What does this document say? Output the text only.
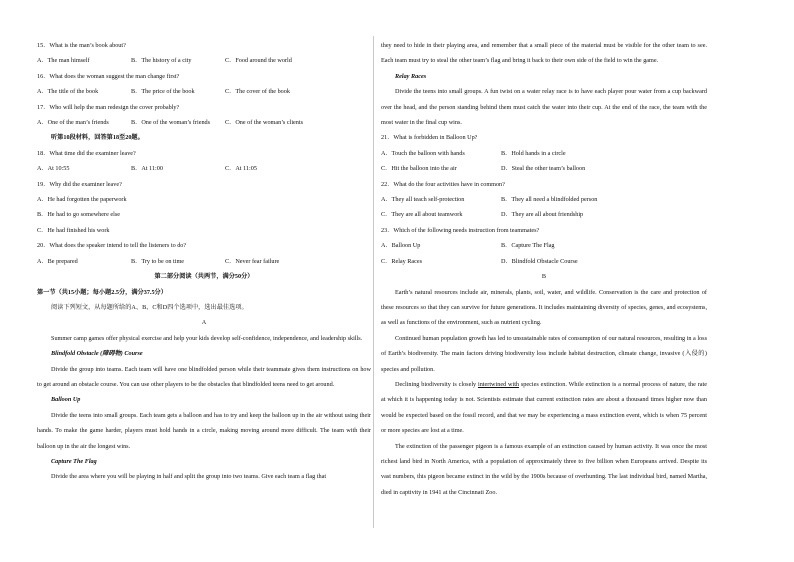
15．What is the man’s book about?
A．The man himself	B．The history of a city	C．Food around the world
16．What does the woman suggest the man change first?
A．The title of the book	B．The price of the book	C．The cover of the book
17．Who will help the man redesign the cover probably?
A．One of the man’s friends	B．One of the woman’s friends	C．One of the woman’s clients
听第10段材料，回答第18至20题。
18．What time did the examiner leave?
A．At 10:55	B．At 11:00	C．At 11:05
19．Why did the examiner leave?
A．He had forgotten the paperwork
B．He had to go somewhere else
C．He had finished his work
20．What does the speaker intend to tell the listeners to do?
A．Be prepared	B．Try to be on time	C．Never fear failure
第二部分阅读（共两节，满分50分）
第一节（共15小题；每小题2.5分，满分37.5分）
阅读下列短文，从每题所给的A、B、C和D四个选项中，选出最佳选项。
A
Summer camp games offer physical exercise and help your kids develop self-confidence, independence, and leadership skills.
Blindfold Obstacle (障碍物) Course
Divide the group into teams. Each team will have one blindfolded person while their teammate gives them instructions on how to get around an obstacle course. You can use other players to be the obstacles that blindfolded teens need to get around.
Balloon Up
Divide the teens into small groups. Each team gets a balloon and has to try and keep the balloon up in the air without using their hands. To make the game harder, players must hold hands in a circle, making moving around more difficult. The team with their balloon up in the air the longest wins.
Capture The Flag
Divide the area where you will be playing in half and split the group into two teams. Give each team a flag that
they need to hide in their playing area, and remember that a small piece of the material must be visible for the other team to see. Each team must try to steal the other team’s flag and bring it back to their own side of the field to win the game.
Relay Races
Divide the teens into small groups. A fun twist on a water relay race is to have each player pour water from a cup backward over the head, and the person standing behind them must catch the water into their cup. At the end of the race, the team with the most water in the final cup wins.
21．What is forbidden in Balloon Up?
A．Touch the balloon with hands	B．Hold hands in a circle
C．Hit the balloon into the air	D．Steal the other team’s balloon
22．What do the four activities have in common?
A．They all teach self-protection	B．They all need a blindfolded person
C．They are all about teamwork	D．They are all about friendship
23．Which of the following needs instruction from teammates?
A．Balloon Up	B．Capture The Flag
C．Relay Races	D．Blindfold Obstacle Course
B
Earth’s natural resources include air, minerals, plants, soil, water, and wildlife. Conservation is the care and protection of these resources so that they can survive for future generations. It includes maintaining diversity of species, genes, and ecosystems, as well as functions of the environment, such as nutrient cycling.
Continued human population growth has led to unsustainable rates of consumption of our natural resources, resulting in a loss of Earth’s biodiversity. The main factors driving biodiversity loss include habitat destruction, climate change, invasive (入侵的) species and pollution.
Declining biodiversity is closely intertwined with species extinction. While extinction is a normal process of nature, the rate at which it is happening today is not. Scientists estimate that current extinction rates are about a thousand times higher now than would be expected based on the fossil record, and that we may be experiencing a mass extinction event, which is when 75 percent or more species are lost at a time.
The extinction of the passenger pigeon is a famous example of an extinction caused by human activity. It was once the most richest land bird in North America, with a population of approximately three to five billion when Europeans arrived. Despite its vast numbers, this pigeon became extinct in the wild by the 1900s because of overhunting. The last individual bird, named Martha, died in captivity in 1941 at the Cincinnati Zoo.
